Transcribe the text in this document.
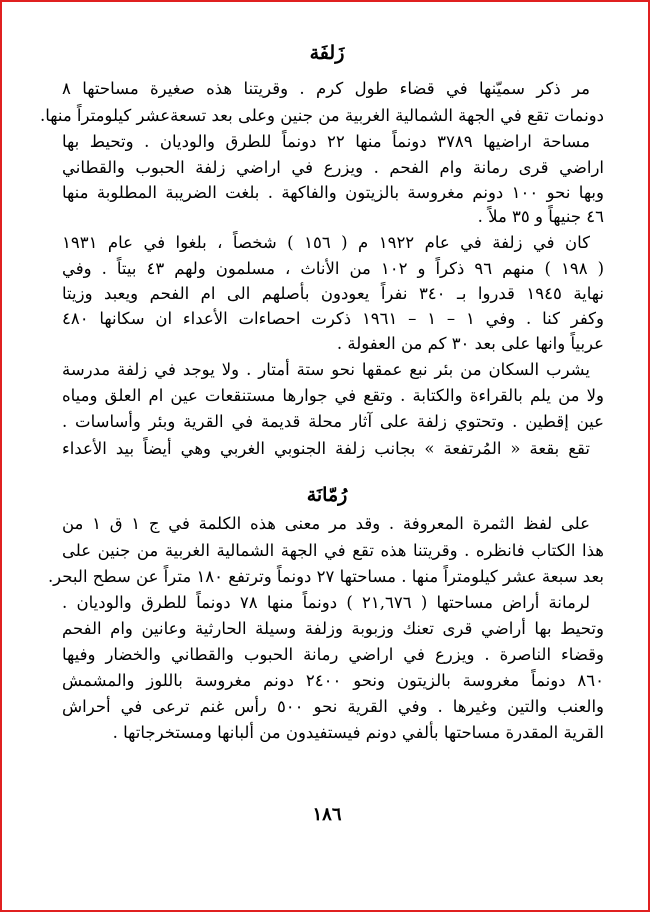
زَلفَة
مر ذكر سميّنها في قضاء طول كرم . وقريتنا هذه صغيرة مساحتها ٨
دونمات تقع في الجهة الشمالية الغربية من جنين وعلى بعد تسعةعشر كيلومتراً منها.
مساحة اراضيها ٣٧٨٩ دونماً منها ٢٢ دونماً للطرق والوديان . وتحيط بها
اراضي قرى رمانة وام الفحم . ويزرع في اراضي زلفة الحبوب والقطاني
وبها نحو ١٠٠ دونم مغروسة بالزيتون والفاكهة . بلغت الضريبة المطلوبة منها
٤٦ جنيهاً و ٣٥ ملاً .
كان في زلفة في عام ١٩٢٢ م ( ١٥٦ ) شخصاً ، بلغوا في عام ١٩٣١
( ١٩٨ ) منهم ٩٦ ذكراً و ١٠٢ من الأناث ، مسلمون ولهم ٤٣ بيتاً . وفي
نهاية ١٩٤٥ قدروا بـ ٣٤٠ نفراً يعودون بأصلهم الى ام الفحم ويعبد وزيتا
وكفر كنا . وفي ١ – ١ – ١٩٦١ ذكرت احصاءات الأعداء ان سكانها ٤٨٠
عربياً وانها على بعد ٣٠ كم من العفولة .
يشرب السكان من بئر نبع عمقها نحو ستة أمتار . ولا يوجد في زلفة مدرسة
ولا من يلم بالقراءة والكتابة . وتقع في جوارها مستنقعات عين ام العلق ومياه
عين إقطين . وتحتوي زلفة على آثار محلة قديمة في القرية وبئر وأساسات .
تقع بقعة « المُرتفعة » بجانب زلفة الجنوبي الغربي وهي أيضاً بيد الأعداء
رُمّانَة
على لفظ الثمرة المعروفة . وقد مر معنى هذه الكلمة في ج ١ ق ١ من
هذا الكتاب فانظره . وقريتنا هذه تقع في الجهة الشمالية الغربية من جنين على
بعد سبعة عشر كيلومتراً منها . مساحتها ٢٧ دونماً وترتفع ١٨٠ متراً عن سطح البحر.
لرمانة أراض مساحتها ( ٢١,٦٧٦ ) دونماً منها ٧٨ دونماً للطرق والوديان .
وتحيط بها أراضي قرى تعنك وزبوبة وزلفة وسيلة الحارثية وعانين وام الفحم
وقضاء الناصرة . ويزرع في اراضي رمانة الحبوب والقطاني والخضار وفيها
٨٦٠ دونماً مغروسة بالزيتون ونحو ٢٤٠٠ دونم مغروسة باللوز والمشمش
والعنب والتين وغيرها . وفي القرية نحو ٥٠٠ رأس غنم ترعى في أحراش
القرية المقدرة مساحتها بألفي دونم فيستفيدون من ألبانها ومستخرجاتها .
١٨٦
